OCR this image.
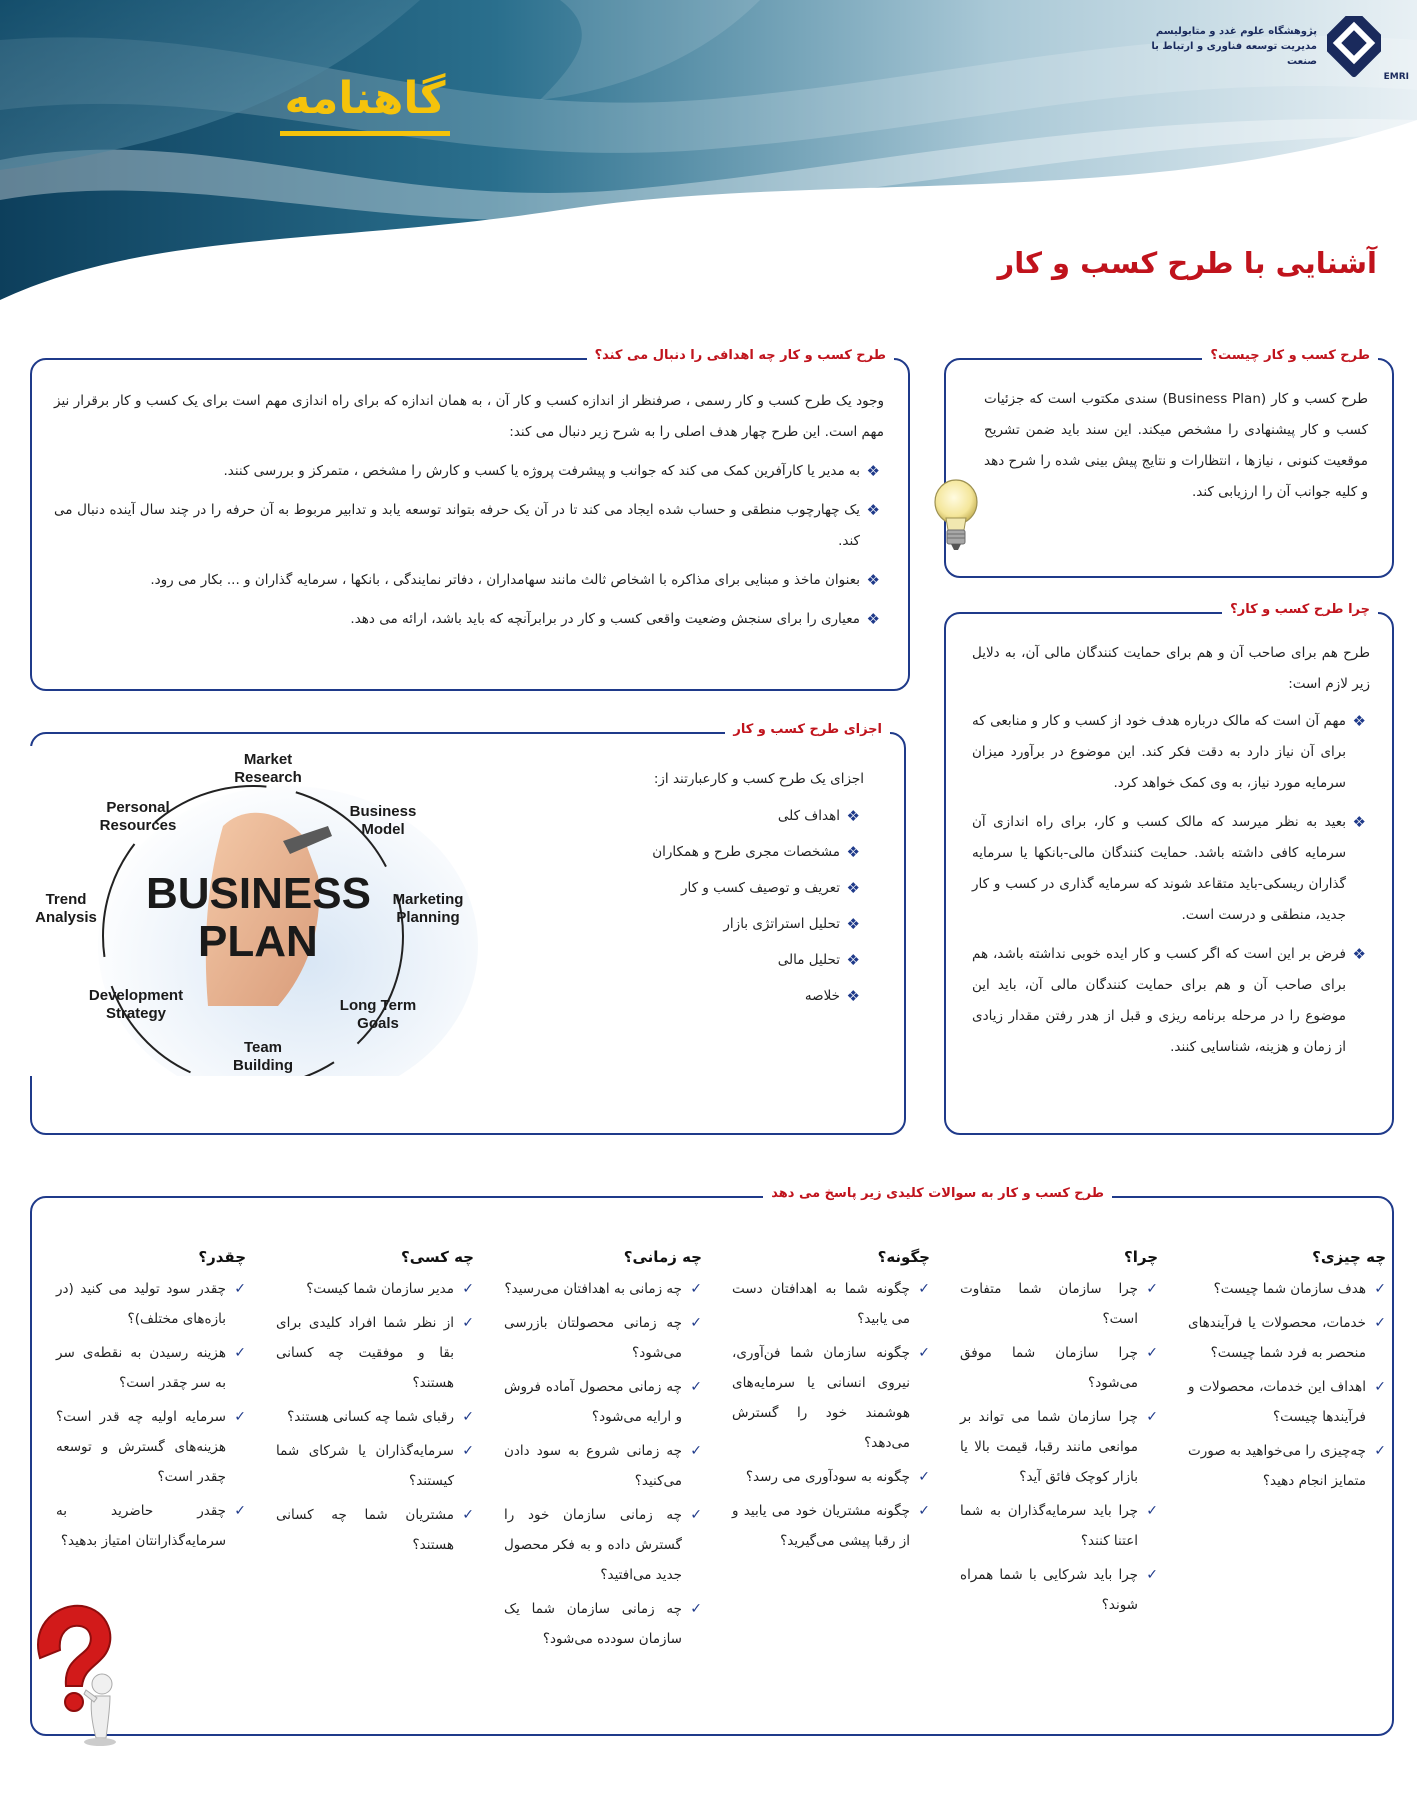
گاهنامه
پژوهشگاه علوم غدد و متابولیسم
مدیریت توسعه فناوری و ارتباط با صنعت
EMRI
آشنایی با طرح کسب و کار
طرح کسب و کار چیست؟
طرح کسب و کار (Business Plan) سندی مکتوب است که جزئیات کسب و کار پیشنهادی را مشخص میکند. این سند باید ضمن تشریح موقعیت کنونی ، نیازها ، انتظارات و نتایج پیش بینی شده را شرح دهد و کلیه جوانب آن را ارزیابی کند.
طرح کسب و کار چه اهدافی را دنبال می کند؟
وجود یک طرح کسب و کار رسمی ، صرفنظر از اندازه کسب و کار آن ، به همان اندازه که برای راه اندازی مهم است برای یک کسب و کار برقرار نیز مهم است. این طرح چهار هدف اصلی را به شرح زیر دنبال می کند:
❖
به مدیر یا کارآفرین کمک می کند که جوانب و پیشرفت پروژه یا کسب و کارش را مشخص ، متمرکز و بررسی کنند.
❖
یک چهارچوب منطقی و حساب شده ایجاد می کند تا در آن یک حرفه بتواند توسعه یابد و تدابیر مربوط به آن حرفه را در چند سال آینده دنبال می کند.
❖
بعنوان ماخذ و مبنایی برای مذاکره با اشخاص ثالث مانند سهامداران ، دفاتر نمایندگی ، بانکها ، سرمایه گذاران و ... بکار می رود.
❖
معیاری را برای سنجش وضعیت واقعی کسب و کار در برابرآنچه که باید باشد، ارائه می دهد.
چرا طرح کسب و کار؟
طرح هم برای صاحب آن و هم برای حمایت کنندگان مالی آن، به دلایل زیر لازم است:
❖
مهم آن است که مالک درباره هدف خود از کسب و کار و منابعی که برای آن نیاز دارد به دقت فکر کند. این موضوع در برآورد میزان سرمایه مورد نیاز، به وی کمک خواهد کرد.
❖
بعید به نظر میرسد که مالک کسب و کار، برای راه اندازی آن سرمایه کافی داشته باشد. حمایت کنندگان مالی-بانکها یا سرمایه گذاران ریسکی-باید متقاعد شوند که سرمایه گذاری در کسب و کار جدید، منطقی و درست است.
❖
فرض بر این است که اگر کسب و کار ایده خوبی نداشته باشد، هم برای صاحب آن و هم برای حمایت کنندگان مالی آن، باید این موضوع را در مرحله برنامه ریزی و قبل از هدر رفتن مقدار زیادی از زمان و هزینه، شناسایی کنند.
اجزای طرح کسب و کار
اجزای یک طرح کسب و کارعبارتند از:
❖
اهداف کلی
❖
مشخصات مجری طرح و همکاران
❖
تعریف و توصیف کسب و کار
❖
تحلیل استراتژی بازار
❖
تحلیل مالی
❖
خلاصه
BUSINESS
PLAN
Market
Research
Business
Model
Marketing
Planning
Long Term
Goals
Team
Building
Development
Strategy
Trend
Analysis
Personal
Resources
طرح کسب و کار به سوالات کلیدی زیر پاسخ می دهد
چه چیزی؟
✓
هدف سازمان شما چیست؟
✓
خدمات، محصولات یا فرآیندهای منحصر به فرد شما چیست؟
✓
اهداف این خدمات، محصولات و فرآیندها چیست؟
✓
چه‌چیزی را می‌خواهید به صورت متمایز انجام دهید؟
چرا؟
✓
چرا سازمان شما متفاوت است؟
✓
چرا سازمان شما موفق می‌شود؟
✓
چرا سازمان شما می تواند بر موانعی مانند رقبا، قیمت بالا یا بازار کوچک فائق آید؟
✓
چرا باید سرمایه‌گذاران به شما اعتنا کنند؟
✓
چرا باید شرکایی با شما همراه شوند؟
چگونه؟
✓
چگونه شما به اهدافتان دست می یابید؟
✓
چگونه سازمان شما فن‌آوری، نیروی انسانی یا سرمایه‌های هوشمند خود را گسترش می‌دهد؟
✓
چگونه به سودآوری می رسد؟
✓
چگونه مشتریان خود می یابید و از رقبا پیشی می‌گیرید؟
چه زمانی؟
✓
چه زمانی به اهدافتان می‌رسید؟
✓
چه زمانی محصولتان بازرسی می‌شود؟
✓
چه زمانی محصول آماده فروش و ارایه می‌شود؟
✓
چه زمانی شروع به سود دادن می‌کنید؟
✓
چه زمانی سازمان خود را گسترش داده و به فکر محصول جدید می‌افتید؟
✓
چه زمانی سازمان شما یک سازمان سودده می‌شود؟
چه کسی؟
✓
مدیر سازمان شما کیست؟
✓
از نظر شما افراد کلیدی برای بقا و موفقیت چه کسانی هستند؟
✓
رقبای شما چه کسانی هستند؟
✓
سرمایه‌گذاران یا شرکای شما کیستند؟
✓
مشتریان شما چه کسانی هستند؟
چقدر؟
✓
چقدر سود تولید می کنید (در بازه‌های مختلف)؟
✓
هزینه رسیدن به نقطه‌ی سر به سر چقدر است؟
✓
سرمایه اولیه چه قدر است؟ هزینه‌های گسترش و توسعه چقدر است؟
✓
چقدر حاضرید به سرمایه‌گذارانتان امتیاز بدهید؟
